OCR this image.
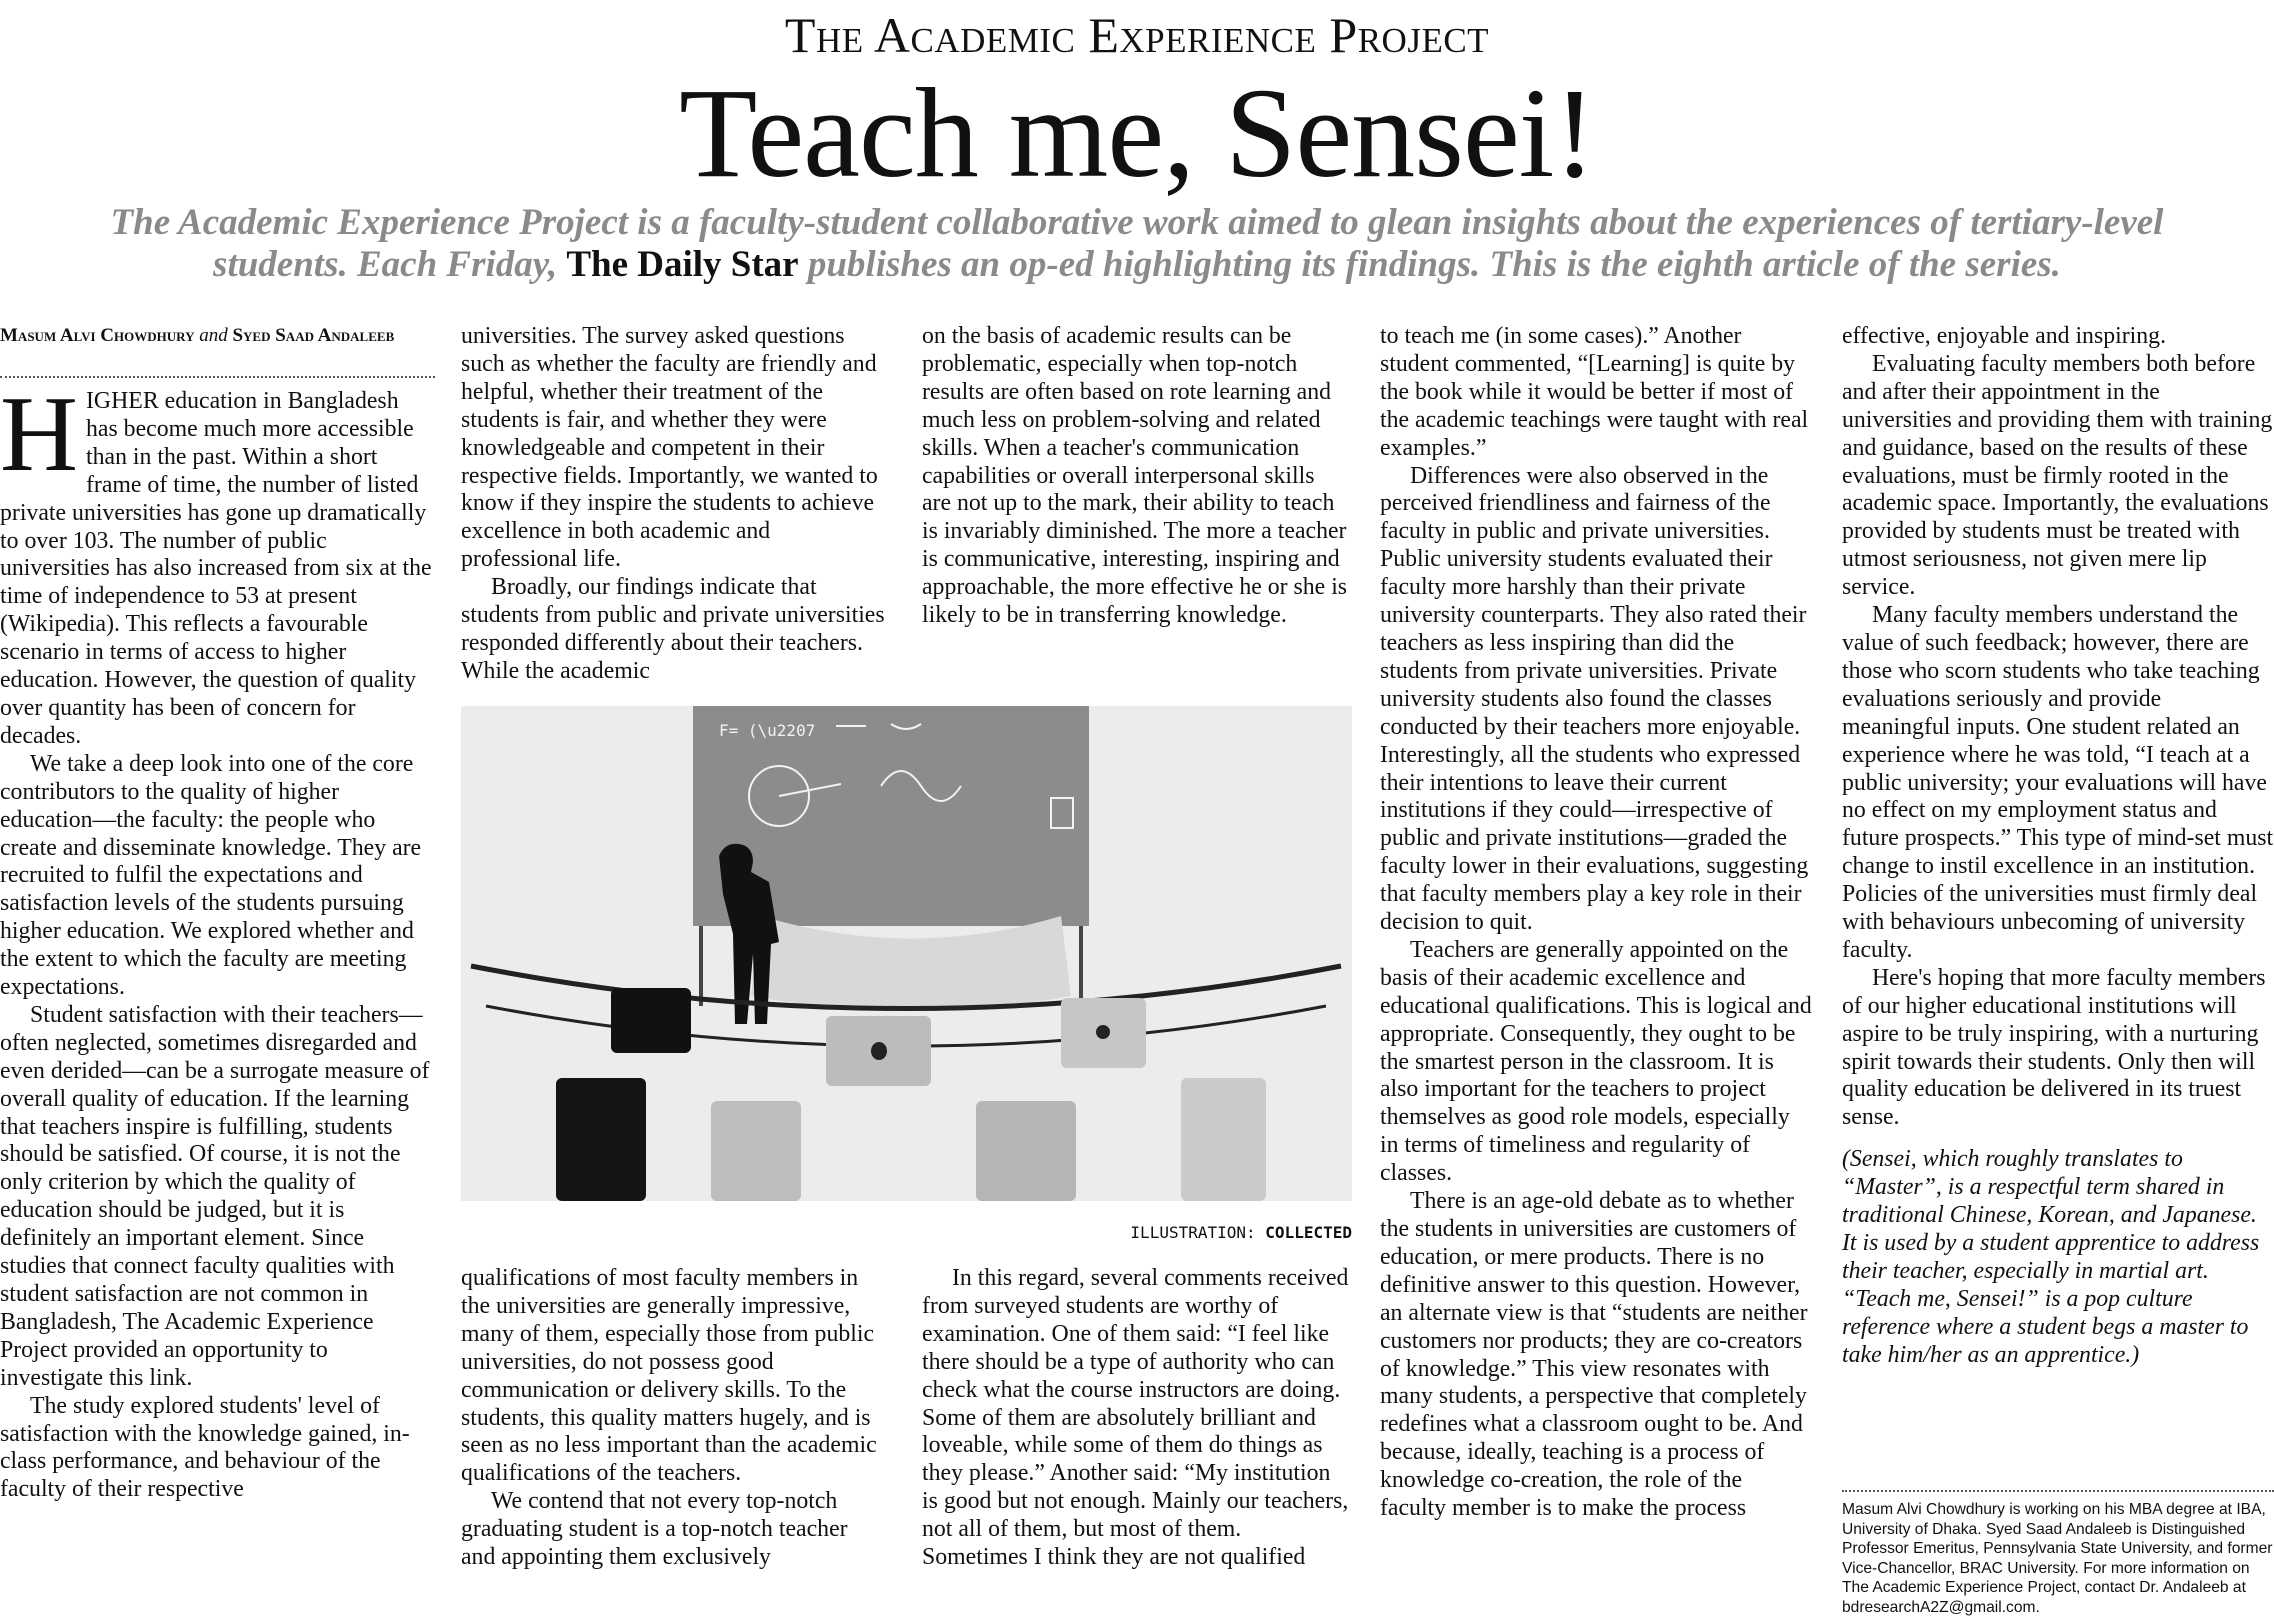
The Academic Experience Project
Teach me, Sensei!
The Academic Experience Project is a faculty-student collaborative work aimed to glean insights about the experiences of tertiary-level students. Each Friday, The Daily Star publishes an op-ed highlighting its findings. This is the eighth article of the series.
Masum Alvi Chowdhury and Syed Saad Andaleeb

HIGHER education in Bangladesh has become much more accessible than in the past. Within a short frame of time, the number of listed private universities has gone up dramatically to over 103. The number of public universities has also increased from six at the time of independence to 53 at present (Wikipedia). This reflects a favourable scenario in terms of access to higher education. However, the question of quality over quantity has been of concern for decades.

We take a deep look into one of the core contributors to the quality of higher education—the faculty: the people who create and disseminate knowledge. They are recruited to fulfil the expectations and satisfaction levels of the students pursuing higher education. We explored whether and the extent to which the faculty are meeting expectations.

Student satisfaction with their teachers—often neglected, sometimes disregarded and even derided—can be a surrogate measure of overall quality of education. If the learning that teachers inspire is fulfilling, students should be satisfied. Of course, it is not the only criterion by which the quality of education should be judged, but it is definitely an important element. Since studies that connect faculty qualities with student satisfaction are not common in Bangladesh, The Academic Experience Project provided an opportunity to investigate this link.

The study explored students' level of satisfaction with the knowledge gained, in-class performance, and behaviour of the faculty of their respective

universities. The survey asked questions such as whether the faculty are friendly and helpful, whether their treatment of the students is fair, and whether they were knowledgeable and competent in their respective fields. Importantly, we wanted to know if they inspire the students to achieve excellence in both academic and professional life.

Broadly, our findings indicate that students from public and private universities responded differently about their teachers. While the academic

on the basis of academic results can be problematic, especially when top-notch results are often based on rote learning and much less on problem-solving and related skills. When a teacher's communication capabilities or overall interpersonal skills are not up to the mark, their ability to teach is invariably diminished. The more a teacher is communicative, interesting, inspiring and approachable, the more effective he or she is likely to be in transferring knowledge.

F= (\u2207
ILLUSTRATION: COLLECTED

qualifications of most faculty members in the universities are generally impressive, many of them, especially those from public universities, do not possess good communication or delivery skills. To the students, this quality matters hugely, and is seen as no less important than the academic qualifications of the teachers.

We contend that not every top-notch graduating student is a top-notch teacher and appointing them exclusively

In this regard, several comments received from surveyed students are worthy of examination. One of them said: “I feel like there should be a type of authority who can check what the course instructors are doing. Some of them are absolutely brilliant and loveable, while some of them do things as they please.” Another said: “My institution is good but not enough. Mainly our teachers, not all of them, but most of them. Sometimes I think they are not qualified

to teach me (in some cases).” Another student commented, “[Learning] is quite by the book while it would be better if most of the academic teachings were taught with real examples.”

Differences were also observed in the perceived friendliness and fairness of the faculty in public and private universities. Public university students evaluated their faculty more harshly than their private university counterparts. They also rated their teachers as less inspiring than did the students from private universities. Private university students also found the classes conducted by their teachers more enjoyable. Interestingly, all the students who expressed their intentions to leave their current institutions if they could—irrespective of public and private institutions—graded the faculty lower in their evaluations, suggesting that faculty members play a key role in their decision to quit.

Teachers are generally appointed on the basis of their academic excellence and educational qualifications. This is logical and appropriate. Consequently, they ought to be the smartest person in the classroom. It is also important for the teachers to project themselves as good role models, especially in terms of timeliness and regularity of classes.

There is an age-old debate as to whether the students in universities are customers of education, or mere products. There is no definitive answer to this question. However, an alternate view is that “students are neither customers nor products; they are co-creators of knowledge.” This view resonates with many students, a perspective that completely redefines what a classroom ought to be. And because, ideally, teaching is a process of knowledge co-creation, the role of the faculty member is to make the process

effective, enjoyable and inspiring.

Evaluating faculty members both before and after their appointment in the universities and providing them with training and guidance, based on the results of these evaluations, must be firmly rooted in the academic space. Importantly, the evaluations provided by students must be treated with utmost seriousness, not given mere lip service.

Many faculty members understand the value of such feedback; however, there are those who scorn students who take teaching evaluations seriously and provide meaningful inputs. One student related an experience where he was told, “I teach at a public university; your evaluations will have no effect on my employment status and future prospects.” This type of mind-set must change to instil excellence in an institution. Policies of the universities must firmly deal with behaviours unbecoming of university faculty.

Here's hoping that more faculty members of our higher educational institutions will aspire to be truly inspiring, with a nurturing spirit towards their students. Only then will quality education be delivered in its truest sense.

(Sensei, which roughly translates to “Master”, is a respectful term shared in traditional Chinese, Korean, and Japanese. It is used by a student apprentice to address their teacher, especially in martial art. “Teach me, Sensei!” is a pop culture reference where a student begs a master to take him/her as an apprentice.)

Masum Alvi Chowdhury is working on his MBA degree at IBA, University of Dhaka. Syed Saad Andaleeb is Distinguished Professor Emeritus, Pennsylvania State University, and former Vice-Chancellor, BRAC University. For more information on The Academic Experience Project, contact Dr. Andaleeb at bdresearchA2Z@gmail.com.
